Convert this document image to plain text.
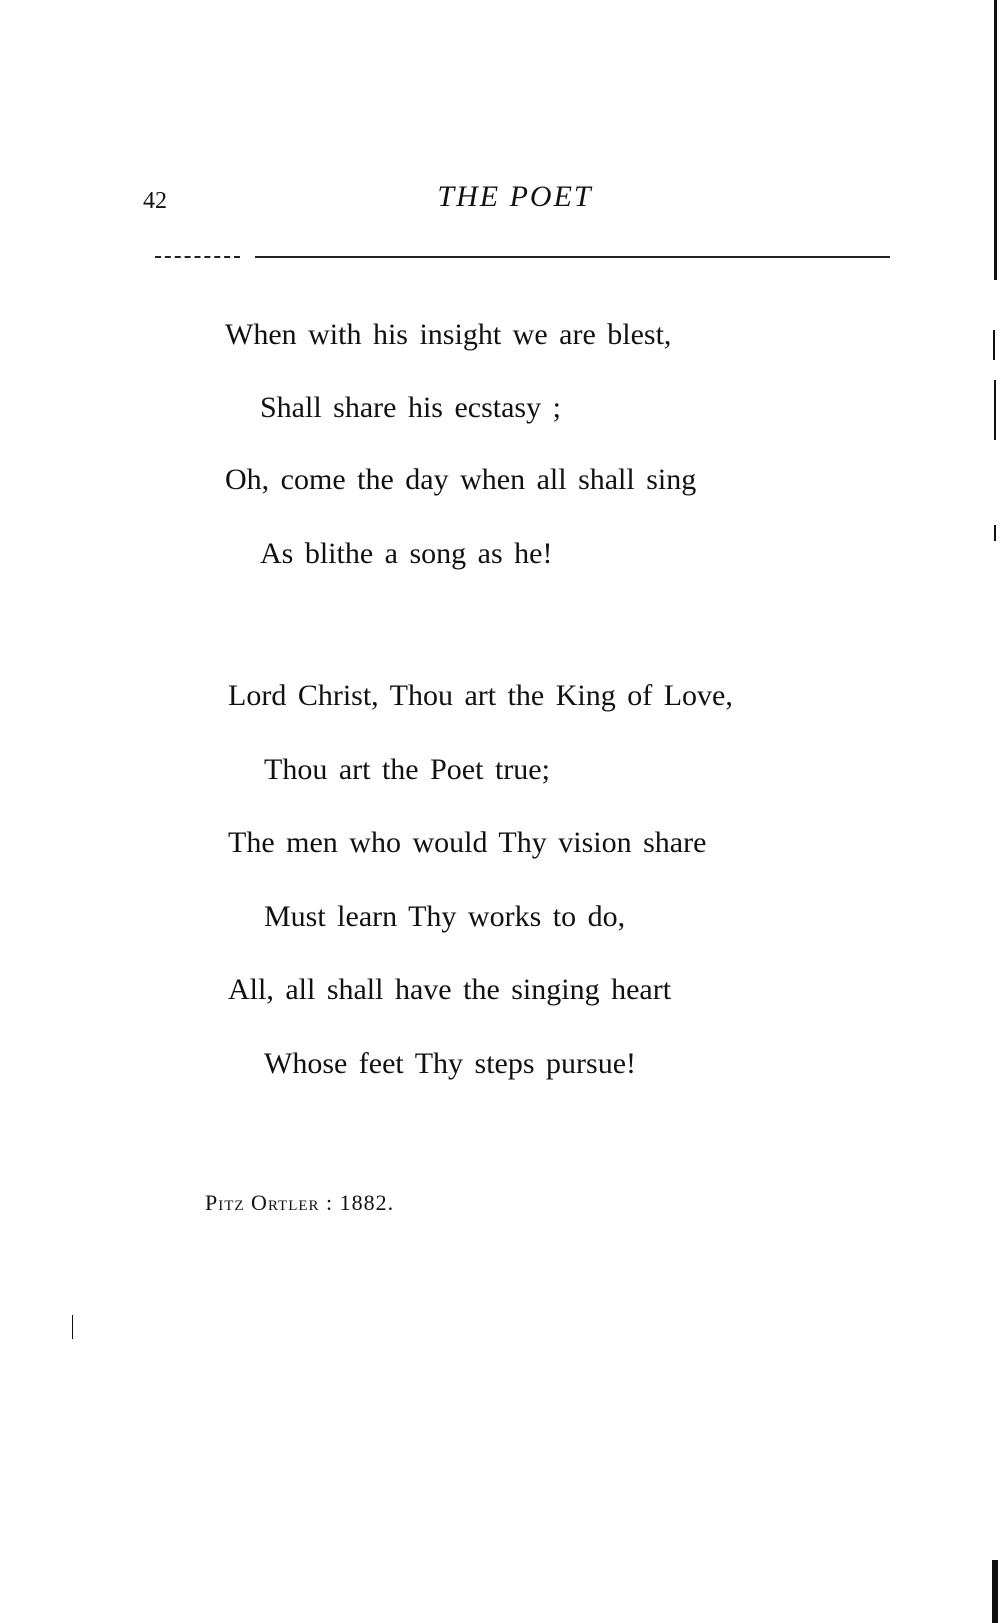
42	THE POET
When with his insight we are blest,
Shall share his ecstasy ;
Oh, come the day when all shall sing
As blithe a song as he!
Lord Christ, Thou art the King of Love,
Thou art the Poet true;
The men who would Thy vision share
Must learn Thy works to do,
All, all shall have the singing heart
Whose feet Thy steps pursue!
Pitz Ortler : 1882.
